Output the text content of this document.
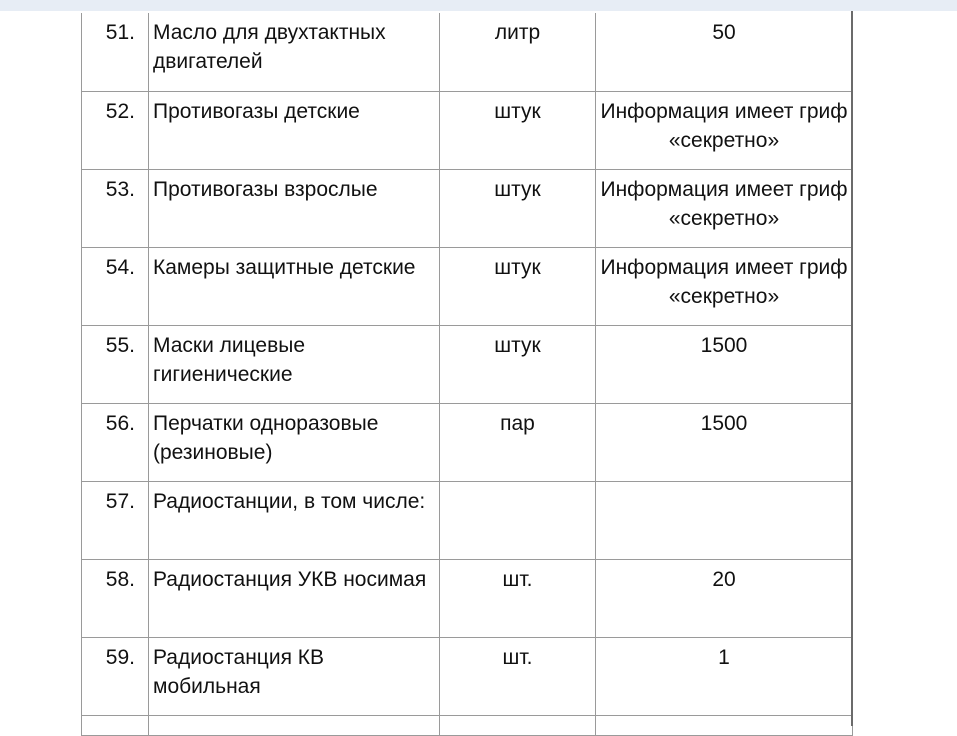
51.	Масло для двухтактных двигателей	литр	50
52.	Противогазы детские	штук	Информация имеет гриф «секретно»
53.	Противогазы взрослые	штук	Информация имеет гриф «секретно»
54.	Камеры защитные детские	штук	Информация имеет гриф «секретно»
55.	Маски лицевые гигиенические	штук	1500
56.	Перчатки одноразовые (резиновые)	пар	1500
57.	Радиостанции, в том числе:		
58.	Радиостанция УКВ носимая	шт.	20
59.	Радиостанция КВ мобильная	шт.	1
